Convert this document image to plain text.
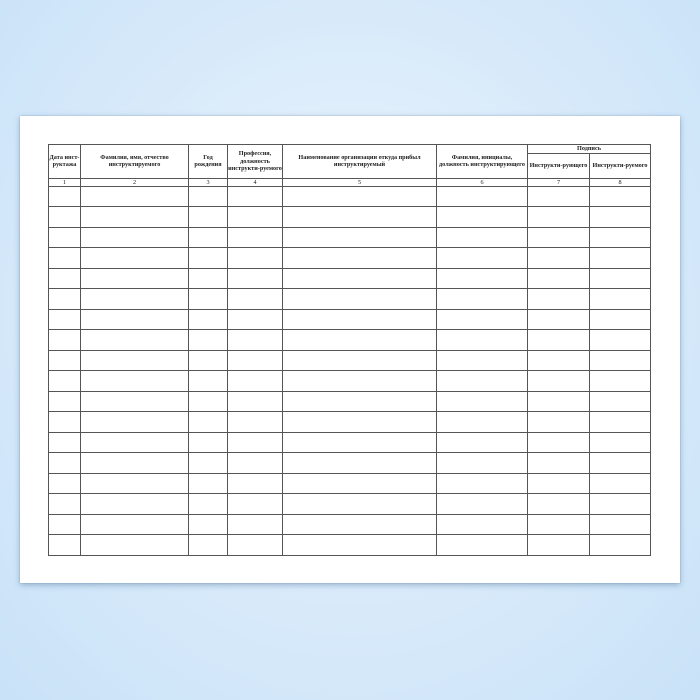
Дата инст-руктажа	Фамилия, имя, отчество инструктируемого	Год рождения	Профессия, должность инструкти-руемого	Наименование организации откуда прибыл инструктируемый	Фамилия, инициалы, должность инструктирующего	Подпись	
						Инструкти-рующего	Инструкти-руемого
1	2	3	4	5	6	7	8
